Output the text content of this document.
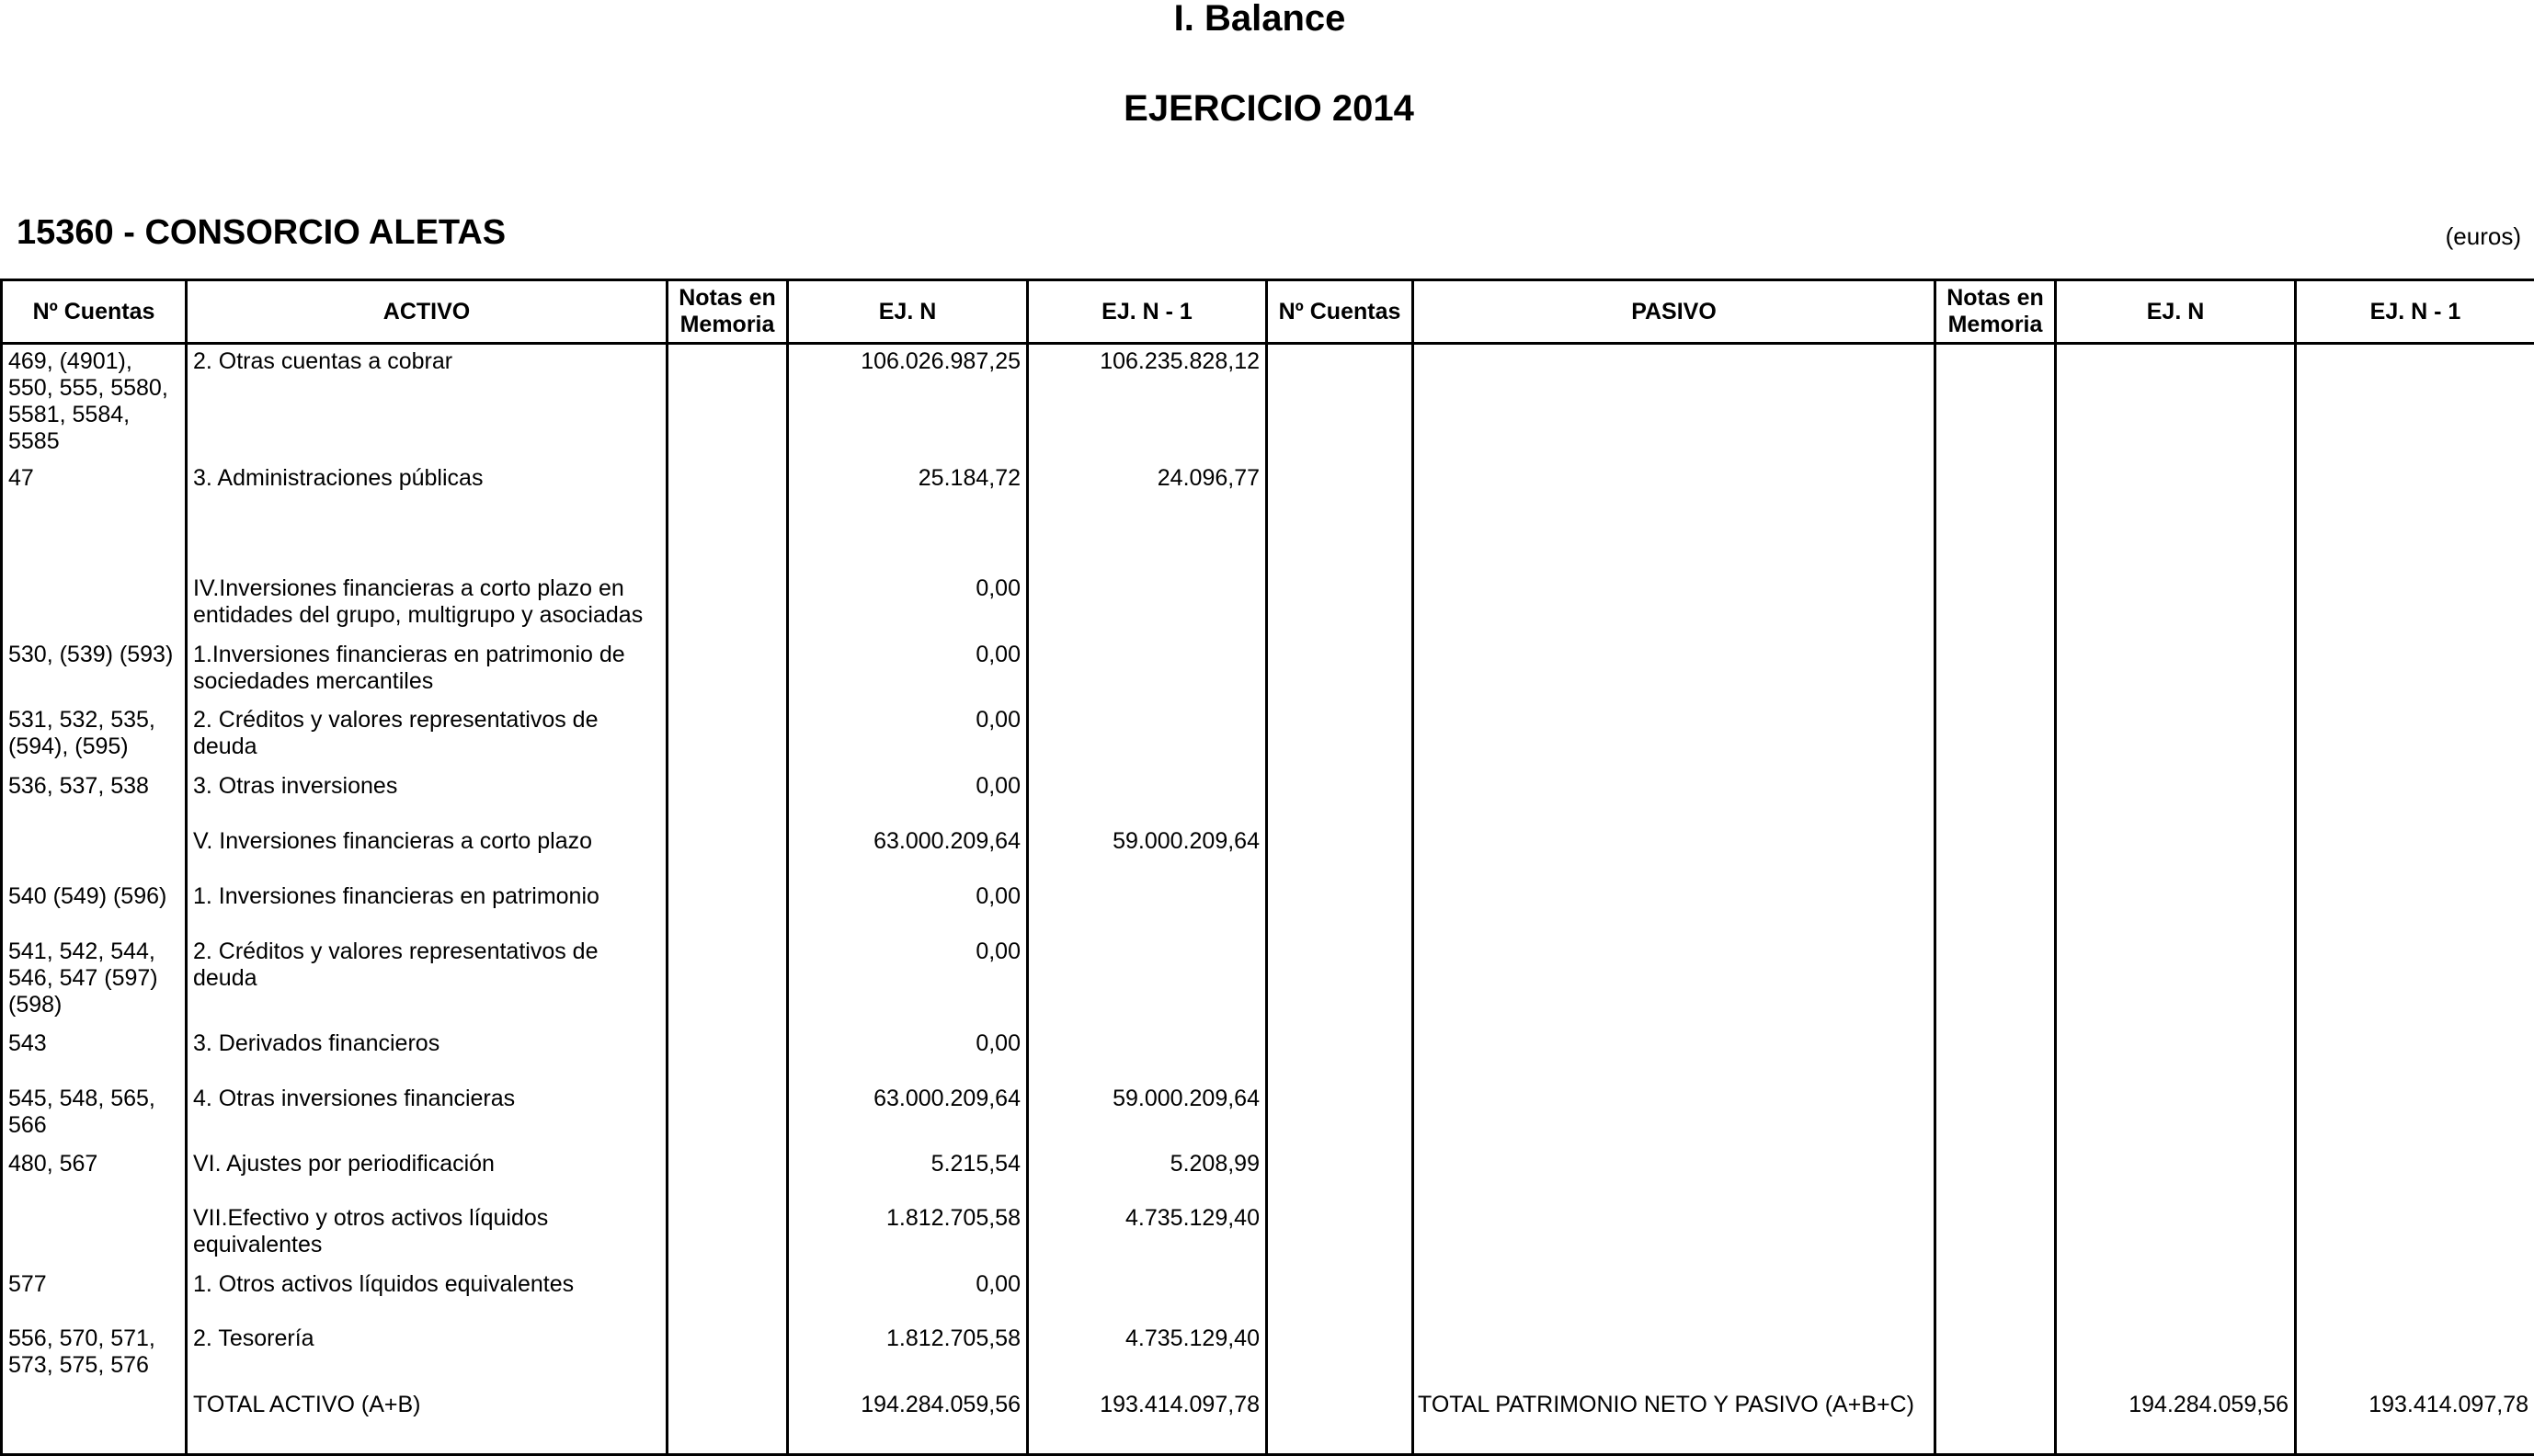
I. Balance
EJERCICIO 2014
15360 - CONSORCIO ALETAS	(euros)
Nº Cuentas	ACTIVO	Notas en Memoria	EJ. N	EJ. N - 1	Nº Cuentas	PASIVO	Notas en Memoria	EJ. N	EJ. N - 1
469, (4901), 550, 555, 5580, 5581, 5584, 5585	2. Otras cuentas a cobrar		106.026.987,25	106.235.828,12					
47	3. Administraciones públicas		25.184,72	24.096,77					
	IV.Inversiones financieras a corto plazo en entidades del grupo, multigrupo y asociadas		0,00						
530, (539) (593)	1.Inversiones financieras en patrimonio de sociedades mercantiles		0,00						
531, 532, 535, (594), (595)	2. Créditos y valores representativos de deuda		0,00						
536, 537, 538	3. Otras inversiones		0,00						
	V. Inversiones financieras a corto plazo		63.000.209,64	59.000.209,64					
540 (549) (596)	1. Inversiones financieras en patrimonio		0,00						
541, 542, 544, 546, 547 (597) (598)	2. Créditos y valores representativos de deuda		0,00						
543	3. Derivados financieros		0,00						
545, 548, 565, 566	4. Otras inversiones financieras		63.000.209,64	59.000.209,64					
480, 567	VI. Ajustes por periodificación		5.215,54	5.208,99					
	VII.Efectivo y otros activos líquidos equivalentes		1.812.705,58	4.735.129,40					
577	1. Otros activos líquidos equivalentes		0,00						
556, 570, 571, 573, 575, 576	2. Tesorería		1.812.705,58	4.735.129,40					
	TOTAL ACTIVO (A+B)		194.284.059,56	193.414.097,78		TOTAL PATRIMONIO NETO Y PASIVO (A+B+C)		194.284.059,56	193.414.097,78
